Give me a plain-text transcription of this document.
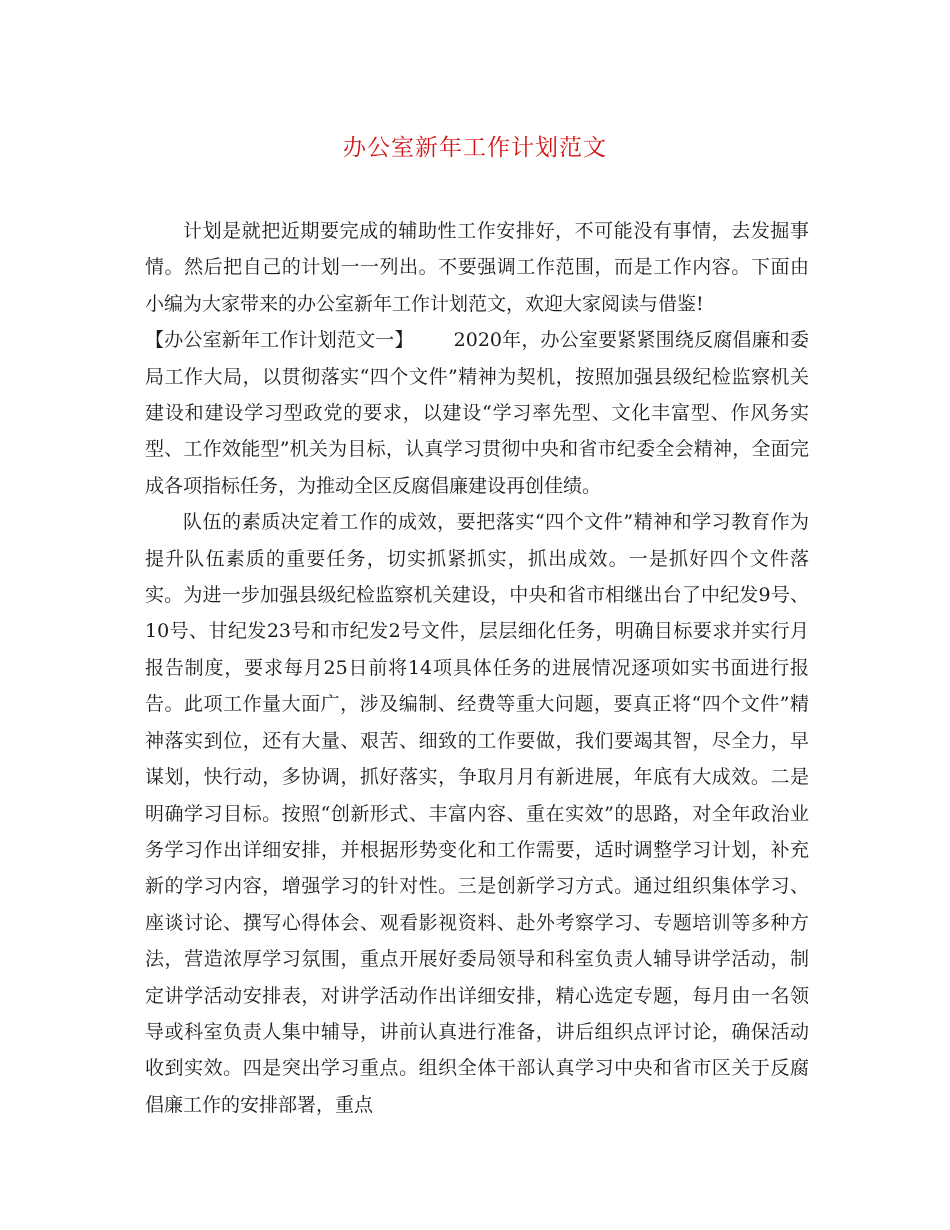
办公室新年工作计划范文

计划是就把近期要完成的辅助性工作安排好，不可能没有事情，去发掘事情。然后把自己的计划一一列出。不要强调工作范围，而是工作内容。下面由小编为大家带来的办公室新年工作计划范文，欢迎大家阅读与借鉴!

【办公室新年工作计划范文一】 2020年，办公室要紧紧围绕反腐倡廉和委局工作大局，以贯彻落实“四个文件”精神为契机，按照加强县级纪检监察机关建设和建设学习型政党的要求，以建设“学习率先型、文化丰富型、作风务实型、工作效能型”机关为目标，认真学习贯彻中央和省市纪委全会精神，全面完成各项指标任务，为推动全区反腐倡廉建设再创佳绩。

队伍的素质决定着工作的成效，要把落实“四个文件”精神和学习教育作为提升队伍素质的重要任务，切实抓紧抓实，抓出成效。一是抓好四个文件落实。为进一步加强县级纪检监察机关建设，中央和省市相继出台了中纪发9号、10号、甘纪发23号和市纪发2号文件，层层细化任务，明确目标要求并实行月报告制度，要求每月25日前将14项具体任务的进展情况逐项如实书面进行报告。此项工作量大面广，涉及编制、经费等重大问题，要真正将“四个文件”精神落实到位，还有大量、艰苦、细致的工作要做，我们要竭其智，尽全力，早谋划，快行动，多协调，抓好落实，争取月月有新进展，年底有大成效。二是明确学习目标。按照“创新形式、丰富内容、重在实效”的思路，对全年政治业务学习作出详细安排，并根据形势变化和工作需要，适时调整学习计划，补充新的学习内容，增强学习的针对性。三是创新学习方式。通过组织集体学习、座谈讨论、撰写心得体会、观看影视资料、赴外考察学习、专题培训等多种方法，营造浓厚学习氛围，重点开展好委局领导和科室负责人辅导讲学活动，制定讲学活动安排表，对讲学活动作出详细安排，精心选定专题，每月由一名领导或科室负责人集中辅导，讲前认真进行准备，讲后组织点评讨论，确保活动收到实效。四是突出学习重点。组织全体干部认真学习中央和省市区关于反腐倡廉工作的安排部署，重点
